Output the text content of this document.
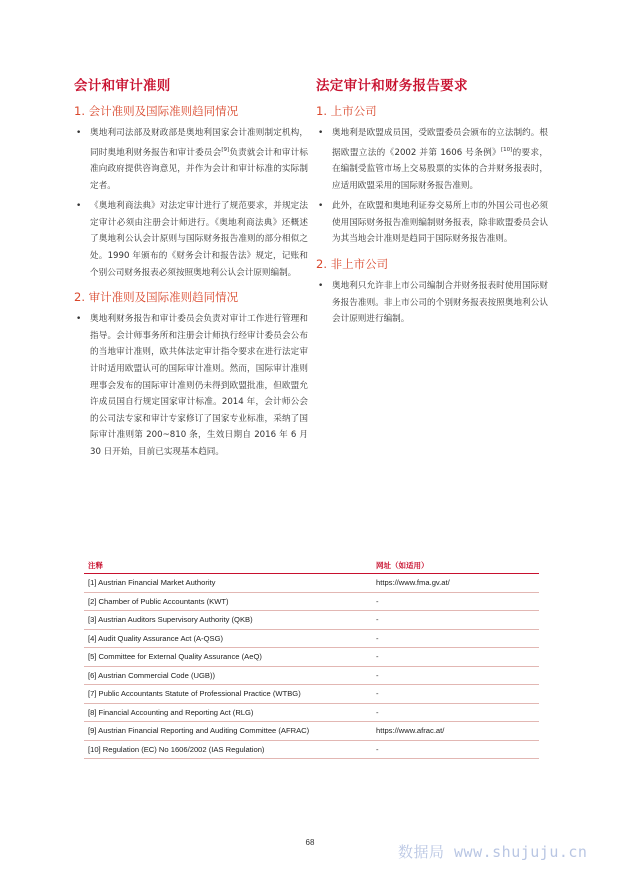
会计和审计准则
1. 会计准则及国际准则趋同情况
• 奥地利司法部及财政部是奥地利国家会计准则制定机构，同时奥地利财务报告和审计委员会[9]负责就会计和审计标准向政府提供咨询意见，并作为会计和审计标准的实际制定者。
• 《奥地利商法典》对法定审计进行了规范要求，并规定法定审计必须由注册会计师进行。《奥地利商法典》还概述了奥地利公认会计原则与国际财务报告准则的部分相似之处。1990 年颁布的《财务会计和报告法》规定，记账和个别公司财务报表必须按照奥地利公认会计原则编制。
2. 审计准则及国际准则趋同情况
• 奥地利财务报告和审计委员会负责对审计工作进行管理和指导。会计师事务所和注册会计师执行经审计委员会公布的当地审计准则，欧共体法定审计指令要求在进行法定审计时适用欧盟认可的国际审计准则。然而，国际审计准则理事会发布的国际审计准则仍未得到欧盟批准，但欧盟允许成员国自行规定国家审计标准。2014 年，会计师公会的公司法专家和审计专家修订了国家专业标准，采纳了国际审计准则第 200~810 条，生效日期自 2016 年 6 月 30 日开始，目前已实现基本趋同。
法定审计和财务报告要求
1. 上市公司
• 奥地利是欧盟成员国，受欧盟委员会颁布的立法制约。根据欧盟立法的《2002 并第 1606 号条例》[10]的要求，在编制受监管市场上交易股票的实体的合并财务报表时，应适用欧盟采用的国际财务报告准则。
• 此外，在欧盟和奥地利证券交易所上市的外国公司也必须使用国际财务报告准则编制财务报表，除非欧盟委员会认为其当地会计准则是趋同于国际财务报告准则。
2. 非上市公司
• 奥地利只允许非上市公司编制合并财务报表时使用国际财务报告准则。非上市公司的个别财务报表按照奥地利公认会计原则进行编制。
注释	网址（如适用）
[1] Austrian Financial Market Authority	https://www.fma.gv.at/
[2] Chamber of Public Accountants (KWT)	-
[3] Austrian Auditors Supervisory Authority (QKB)	-
[4] Audit Quality Assurance Act (A-QSG)	-
[5] Committee for External Quality Assurance (AeQ)	-
[6] Austrian Commercial Code (UGB))	-
[7] Public Accountants Statute of Professional Practice (WTBG)	-
[8] Financial Accounting and Reporting Act (RLG)	-
[9] Austrian Financial Reporting and Auditing Committee (AFRAC)	https://www.afrac.at/
[10] Regulation (EC) No 1606/2002 (IAS Regulation)	-
68
数据局 www.shujuju.cn
